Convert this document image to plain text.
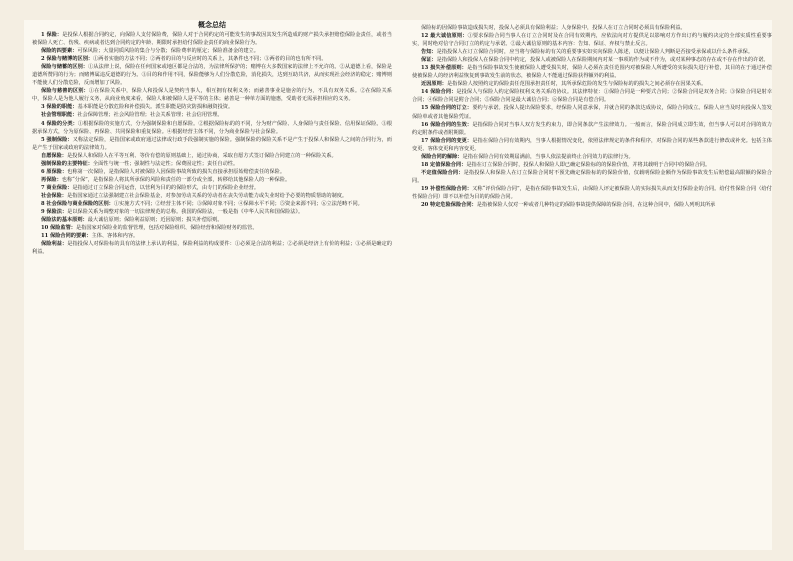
概念总结

1 保险：是投保人根据合同约定，向保险人支付保险费，保险人对于合同约定的可能发生的事故因其发生所造成的财产损失承担赔偿保险金责任，或者当被保险人死亡、伤残、疾病或者达到合同约定的年龄、期限时承担给付保险金责任的商业保险行为。

保险的四要素：可保风险；大量同质风险的集合与分散；保险费率的厘定；保险准备金的建立。

2 保险与赌博的区别：①两者实施的方法不同；②两者的目的与反应时的关系上，其条件也不同；③两者的目的也有所不同。

保险与储蓄的区别：①从法律上说，保险在任何国家或地区都是合法的，为法律所保护的；赌博在大多数国家的法律上不允许的。②从道德上看，保险是道德所赞同的行为；而赌博属违反道德的行为。③目的和作用不同，保险能够为人们分散危险，消化损失，达到互助共济，从而实现社会经济的稳定；赌博则不能使人们分散危险，反而增加了风险。

保险与慈善的区别：①在保险关系中，保险人和投保人是契约当事人，相互拥有权利义务；而慈善事业是施舍的行为，不具有双务关系。②在保险关系中，保险人是为他人履行义务，从商业角度来看，保险人和被保险人是平等的主体；慈善是一种单方面的施惠，受助者无需承担相应的义务。

3 保险的职能：基本职能是分散危险和补偿损失。派生职能是防灾防损和融资投资。

社会管理职能：社会保障管理；社会风险管理；社会关系管理；社会信用管理。

4 保险的分类：①根据保险的实施方式，分为强制保险和自愿保险。②根据保险标的的不同，分为财产保险、人身保险与责任保险、信用保证保险。③根据承保方式，分为原保险、再保险、共同保险和重复保险。④根据经营主体不同，分为商业保险与社会保险。

5 强制保险：又称法定保险，是指国家或政府通过法律或行政手段强制实施的保险。强制保险的保险关系不是产生于投保人和保险人之间的合同行为，而是产生于国家或政府的法律效力。

自愿保险：是投保人和保险人在平等互利、等价有偿的原则基础上，通过协商，采取自愿方式签订保险合同建立的一种保险关系。

强制保险的主要特征：全面性与统一性；强制性与法定性；保费固定性；责任自动性。

6 原保险：也称第一次保险，是指保险人对被保险人因保险事故所致的损失直接承担原始赔偿责任的保险。

再保险：也称“分保”，是指保险人将其所承保的风险和责任的一部分或全部，转移给其他保险人的一种保险。

7 商业保险：是指通过订立保险合同运营，以营利为目的的保险形式，由专门的保险企业经营。

社会保险：是指国家通过立法强制建立社会保险基金，对参加劳动关系的劳动者在丧失劳动能力或失业时给予必要的物质帮助的制度。

8 社会保险与商业保险的区别：①实施方式不同；②经营主体不同；③保障对象不同；④保障水平不同；⑤资金来源不同；⑥立法范畴不同。

9 保险法：是以保险关系为调整对象的一切法律规范的总称。我国的保险法，一般是指《中华人民共和国保险法》。

保险法的基本原则：最大诚信原则；保险利益原则；近因原则；损失补偿原则。

10 保险监管：是指国家对保险业的监督管理，包括对保险组织、保险经营和保险财务的监管。

11 保险合同的要素：主体、客体和内容。

保险利益：是指投保人对保险标的具有的法律上承认的利益，保险利益的构成要件：①必须是合法的利益；②必须是经济上有价的利益；③必须是确定的利益。

保险标的因保险事故造成损失时，投保人必须具有保险利益；人身保险中，投保人在订立合同时必须具有保险利益。

12 最大诚信原则：①要求保险合同当事人在订立合同时及在合同有效期内，应依法向对方提供足以影响对方作出订约与履约决定的全部实质性重要事实，同时绝对信守合同订立的约定与承诺。②最大诚信原则的基本内容：告知、保证、弃权与禁止反言。

告知：是指投保人在订立保险合同时，应当将与保险标的有关的重要事实如实向保险人陈述，以便让保险人判断是否接受承保或以什么条件承保。

保证：是指保险人和投保人在保险合同中约定，投保人或被保险人在保险期间内对某一事项的作为或不作为，或对某种事态的存在或不存在作出的许诺。

13 损失补偿原则：是指当保险事故发生使被保险人遭受损失时，保险人必须在责任范围内对被保险人所遭受的实际损失进行补偿，其目的在于通过补偿使被保险人的经济利益恢复到事故发生前的状态，被保险人不能通过保险获得额外的利益。

近因原则：是指保险人按照约定的保险责任范围承担责任时，其所承保危险的发生与保险标的的损失之间必须存在因果关系。

14 保险合同：是投保人与保险人约定保险权利义务关系的协议。其法律特征：①保险合同是一种要式合同；②保险合同是双务合同；③保险合同是射幸合同；④保险合同是附合合同；⑤保险合同是最大诚信合同；⑥保险合同是有偿合同。

15 保险合同的订立：要约与承诺。投保人提出保险要求，经保险人同意承保，并就合同的条款达成协议，保险合同成立。保险人应当及时向投保人签发保险单或者其他保险凭证。

16 保险合同的生效：是指保险合同对当事人双方发生约束力，即合同条款产生法律效力。一般而言，保险合同成立即生效，但当事人可以对合同的效力约定附条件或者附期限。

17 保险合同的变更：是指在保险合同有效期内，当事人根据情况变化，依照法律规定的条件和程序，对保险合同的某些条款进行修改或补充。包括主体变更、客体变更和内容变更。

保险合同的解除：是指在保险合同有效期届满前，当事人依法提前终止合同效力的法律行为。

18 定值保险合同：是指在订立保险合同时，投保人和保险人即已确定保险标的的保险价值，并将其载明于合同中的保险合同。

不定值保险合同：是指投保人和保险人在订立保险合同时不预先确定保险标的的保险价值，仅载明保险金额作为保险事故发生后赔偿最高限额的保险合同。

19 补偿性保险合同：又称“评价保险合同”，是指在保险事故发生后，由保险人评定被保险人的实际损失从而支付保险金的合同。给付性保险合同（给付性保险合同）即不以补偿为目的的保险合同。

20 特定危险保险合同：是指被保险人仅对一种或者几种特定的保险事故提供保障的保险合同，在这种合同中，保险人列明其所承
